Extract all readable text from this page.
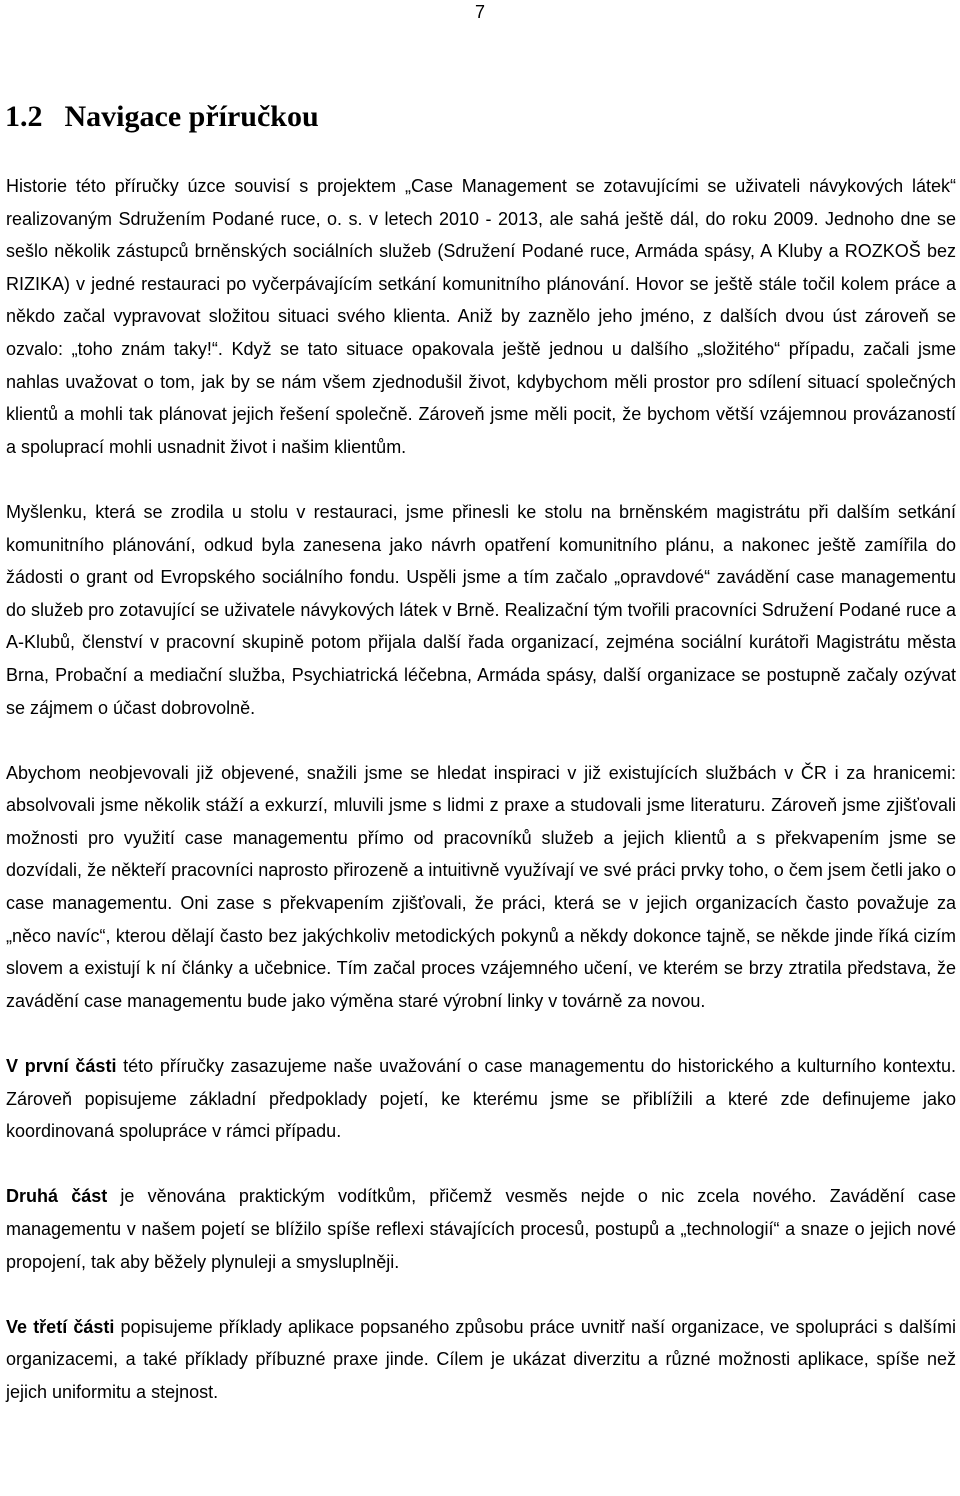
7
1.2 Navigace příručkou

Historie této příručky úzce souvisí s projektem „Case Management se zotavujícími se uživateli návykových látek“ realizovaným Sdružením Podané ruce, o. s. v letech 2010 - 2013, ale sahá ještě dál, do roku 2009. Jednoho dne se sešlo několik zástupců brněnských sociálních služeb (Sdružení Podané ruce, Armáda spásy, A Kluby a ROZKOŠ bez RIZIKA) v jedné restauraci po vyčerpávajícím setkání komunitního plánování. Hovor se ještě stále točil kolem práce a někdo začal vypravovat složitou situaci svého klienta. Aniž by zaznělo jeho jméno, z dalších dvou úst zároveň se ozvalo: „toho znám taky!“. Když se tato situace opakovala ještě jednou u dalšího „složitého“ případu, začali jsme nahlas uvažovat o tom, jak by se nám všem zjednodušil život, kdybychom měli prostor pro sdílení situací společných klientů a mohli tak plánovat jejich řešení společně. Zároveň jsme měli pocit, že bychom větší vzájemnou provázaností a spoluprací mohli usnadnit život i našim klientům.

Myšlenku, která se zrodila u stolu v restauraci, jsme přinesli ke stolu na brněnském magistrátu při dalším setkání komunitního plánování, odkud byla zanesena jako návrh opatření komunitního plánu, a nakonec ještě zamířila do žádosti o grant od Evropského sociálního fondu. Uspěli jsme a tím začalo „opravdové“ zavádění case managementu do služeb pro zotavující se uživatele návykových látek v Brně. Realizační tým tvořili pracovníci Sdružení Podané ruce a A-Klubů, členství v pracovní skupině potom přijala další řada organizací, zejména sociální kurátoři Magistrátu města Brna, Probační a mediační služba, Psychiatrická léčebna, Armáda spásy, další organizace se postupně začaly ozývat se zájmem o účast dobrovolně.

Abychom neobjevovali již objevené, snažili jsme se hledat inspiraci v již existujících službách v ČR i za hranicemi: absolvovali jsme několik stáží a exkurzí, mluvili jsme s lidmi z praxe a studovali jsme literaturu. Zároveň jsme zjišťovali možnosti pro využití case managementu přímo od pracovníků služeb a jejich klientů a s překvapením jsme se dozvídali, že někteří pracovníci naprosto přirozeně a intuitivně využívají ve své práci prvky toho, o čem jsem četli jako o case managementu. Oni zase s překvapením zjišťovali, že práci, která se v jejich organizacích často považuje za „něco navíc“, kterou dělají často bez jakýchkoliv metodických pokynů a někdy dokonce tajně, se někde jinde říká cizím slovem a existují k ní články a učebnice. Tím začal proces vzájemného učení, ve kterém se brzy ztratila představa, že zavádění case managementu bude jako výměna staré výrobní linky v továrně za novou.

V první části této příručky zasazujeme naše uvažování o case managementu do historického a kulturního kontextu. Zároveň popisujeme základní předpoklady pojetí, ke kterému jsme se přiblížili a které zde definujeme jako koordinovaná spolupráce v rámci případu.

Druhá část je věnována praktickým vodítkům, přičemž vesměs nejde o nic zcela nového. Zavádění case managementu v našem pojetí se blížilo spíše reflexi stávajících procesů, postupů a „technologií“ a snaze o jejich nové propojení, tak aby běžely plynuleji a smysluplněji.

Ve třetí části popisujeme příklady aplikace popsaného způsobu práce uvnitř naší organizace, ve spolupráci s dalšími organizacemi, a také příklady příbuzné praxe jinde. Cílem je ukázat diverzitu a různé možnosti aplikace, spíše než jejich uniformitu a stejnost.
